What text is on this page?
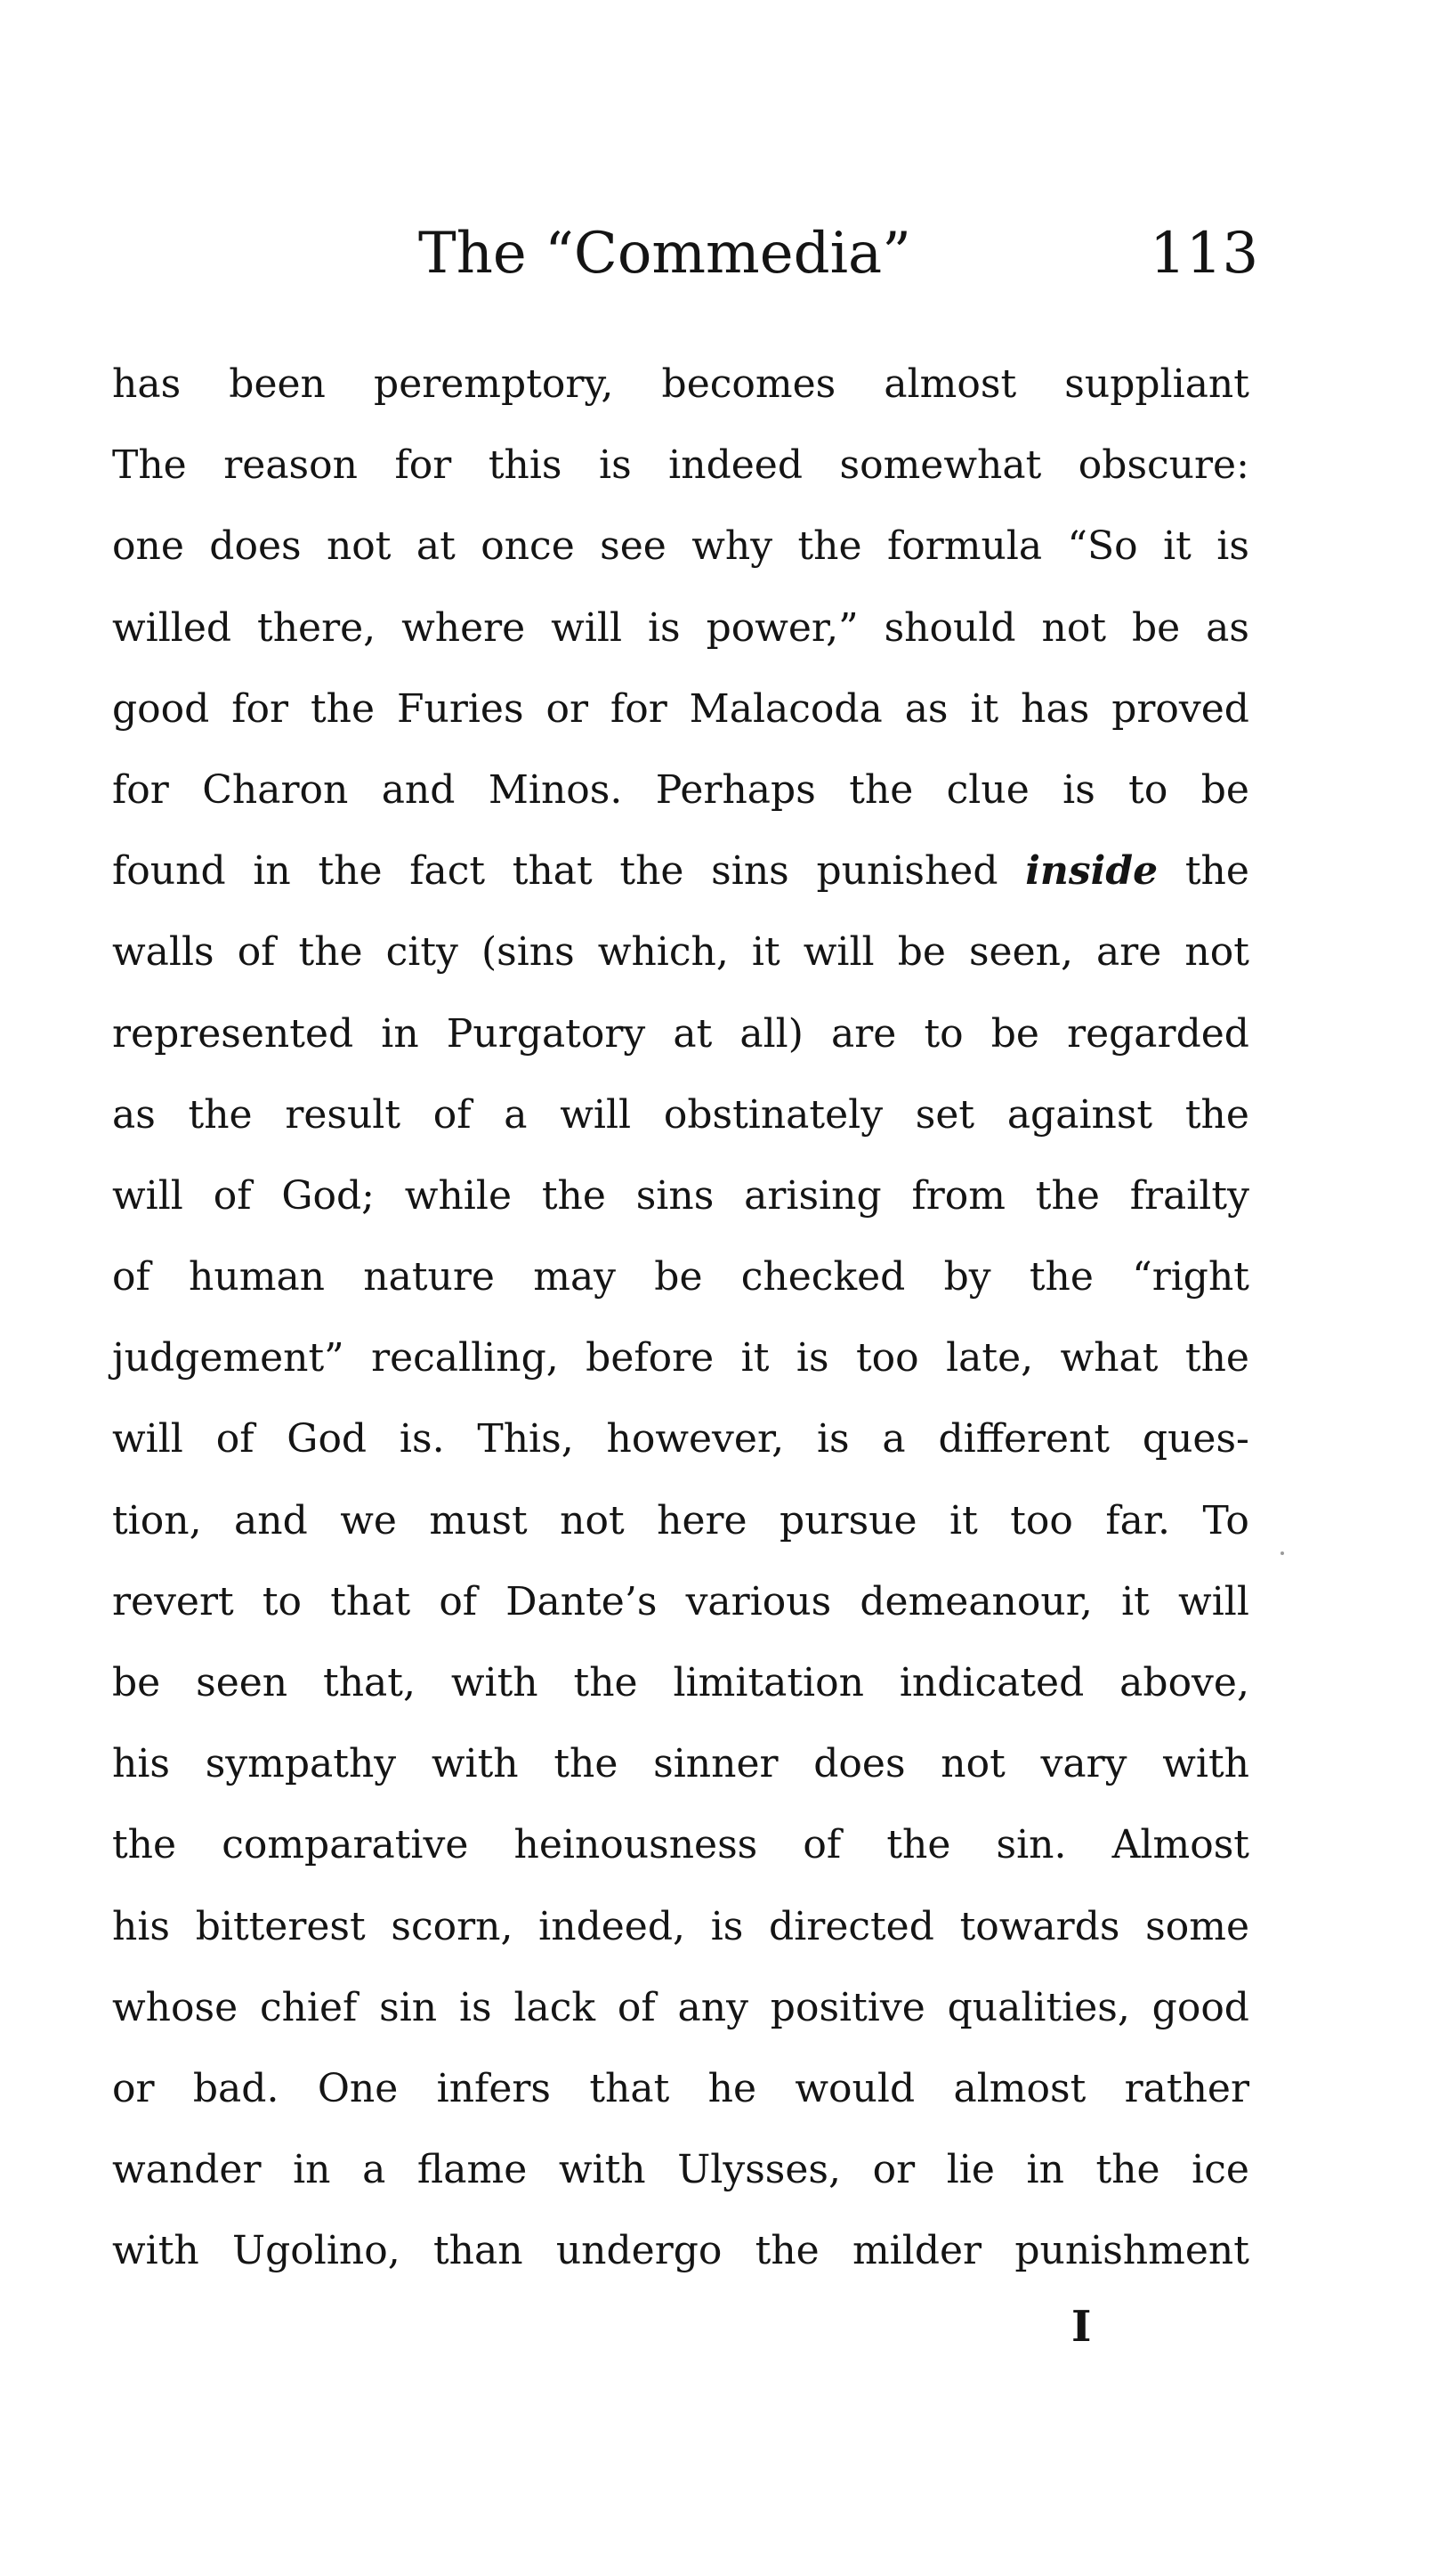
The “Commedia”	113
has been peremptory, becomes almost suppliant
The reason for this is indeed somewhat obscure:
one does not at once see why the formula “So it is
willed there, where will is power,” should not be as
good for the Furies or for Malacoda as it has proved
for Charon and Minos. Perhaps the clue is to be
found in the fact that the sins punished inside the
walls of the city (sins which, it will be seen, are not
represented in Purgatory at all) are to be regarded
as the result of a will obstinately set against the
will of God; while the sins arising from the frailty
of human nature may be checked by the “right
judgement” recalling, before it is too late, what the
will of God is. This, however, is a different ques-
tion, and we must not here pursue it too far. To
revert to that of Dante’s various demeanour, it will
be seen that, with the limitation indicated above,
his sympathy with the sinner does not vary with
the comparative heinousness of the sin. Almost
his bitterest scorn, indeed, is directed towards some
whose chief sin is lack of any positive qualities, good
or bad. One infers that he would almost rather
wander in a flame with Ulysses, or lie in the ice
with Ugolino, than undergo the milder punishment
I
